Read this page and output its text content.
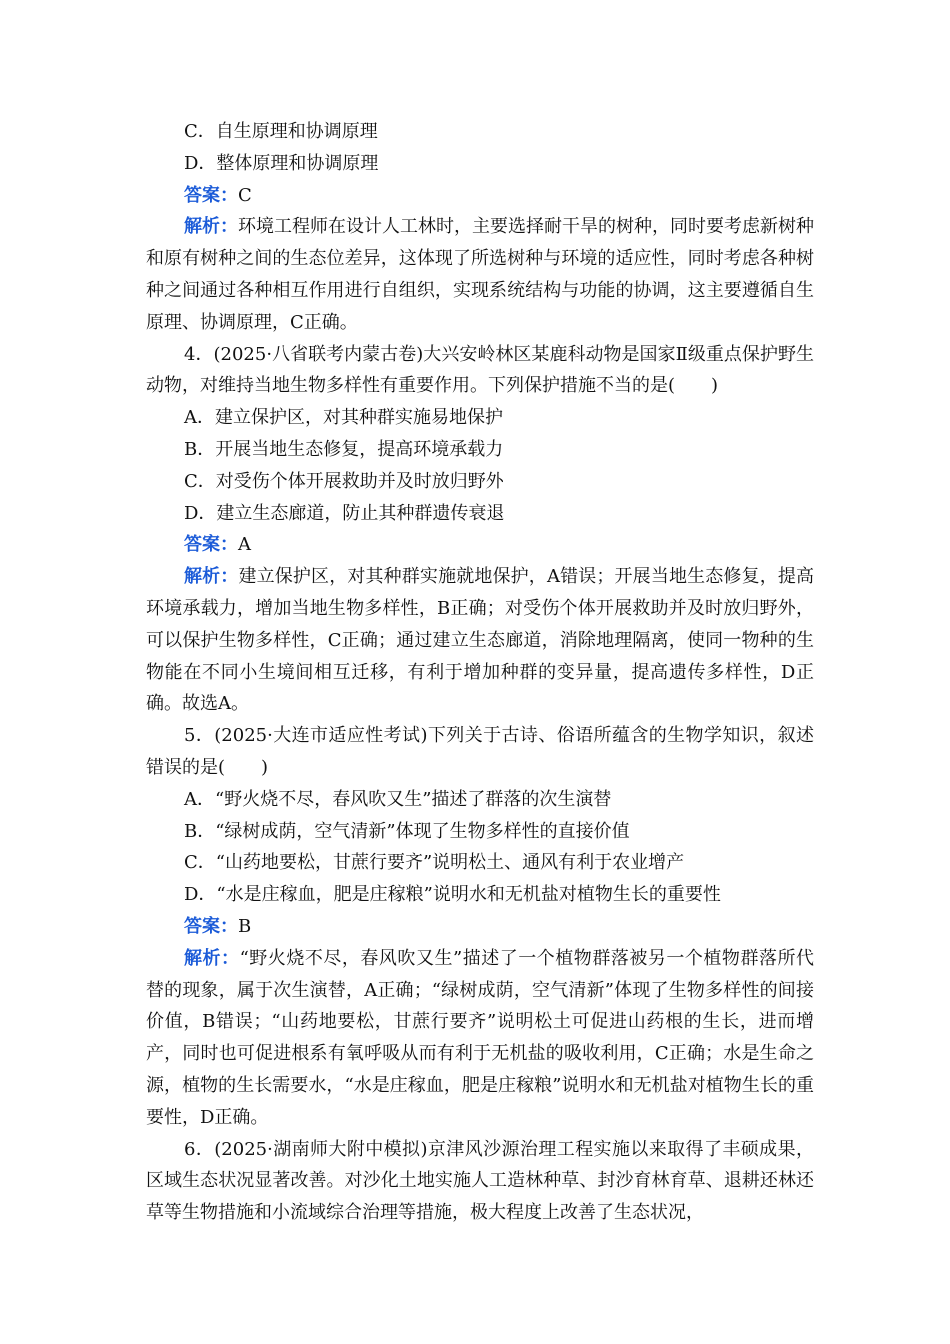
C．自生原理和协调原理

D．整体原理和协调原理

答案：C

解析：环境工程师在设计人工林时，主要选择耐干旱的树种，同时要考虑新树种和原有树种之间的生态位差异，这体现了所选树种与环境的适应性，同时考虑各种树种之间通过各种相互作用进行自组织，实现系统结构与功能的协调，这主要遵循自生原理、协调原理，C正确。

4．(2025·八省联考内蒙古卷)大兴安岭林区某鹿科动物是国家Ⅱ级重点保护野生动物，对维持当地生物多样性有重要作用。下列保护措施不当的是(　　)

A．建立保护区，对其种群实施易地保护

B．开展当地生态修复，提高环境承载力

C．对受伤个体开展救助并及时放归野外

D．建立生态廊道，防止其种群遗传衰退

答案：A

解析：建立保护区，对其种群实施就地保护，A错误；开展当地生态修复，提高环境承载力，增加当地生物多样性，B正确；对受伤个体开展救助并及时放归野外，可以保护生物多样性，C正确；通过建立生态廊道，消除地理隔离，使同一物种的生物能在不同小生境间相互迁移，有利于增加种群的变异量，提高遗传多样性，D正确。故选A。

5．(2025·大连市适应性考试)下列关于古诗、俗语所蕴含的生物学知识，叙述错误的是(　　)

A．“野火烧不尽，春风吹又生”描述了群落的次生演替

B．“绿树成荫，空气清新”体现了生物多样性的直接价值

C．“山药地要松，甘蔗行要齐”说明松土、通风有利于农业增产

D．“水是庄稼血，肥是庄稼粮”说明水和无机盐对植物生长的重要性

答案：B

解析：“野火烧不尽，春风吹又生”描述了一个植物群落被另一个植物群落所代替的现象，属于次生演替，A正确；“绿树成荫，空气清新”体现了生物多样性的间接价值，B错误；“山药地要松，甘蔗行要齐”说明松土可促进山药根的生长，进而增产，同时也可促进根系有氧呼吸从而有利于无机盐的吸收利用，C正确；水是生命之源，植物的生长需要水，“水是庄稼血，肥是庄稼粮”说明水和无机盐对植物生长的重要性，D正确。

6．(2025·湖南师大附中模拟)京津风沙源治理工程实施以来取得了丰硕成果，区域生态状况显著改善。对沙化土地实施人工造林种草、封沙育林育草、退耕还林还草等生物措施和小流域综合治理等措施，极大程度上改善了生态状况，
